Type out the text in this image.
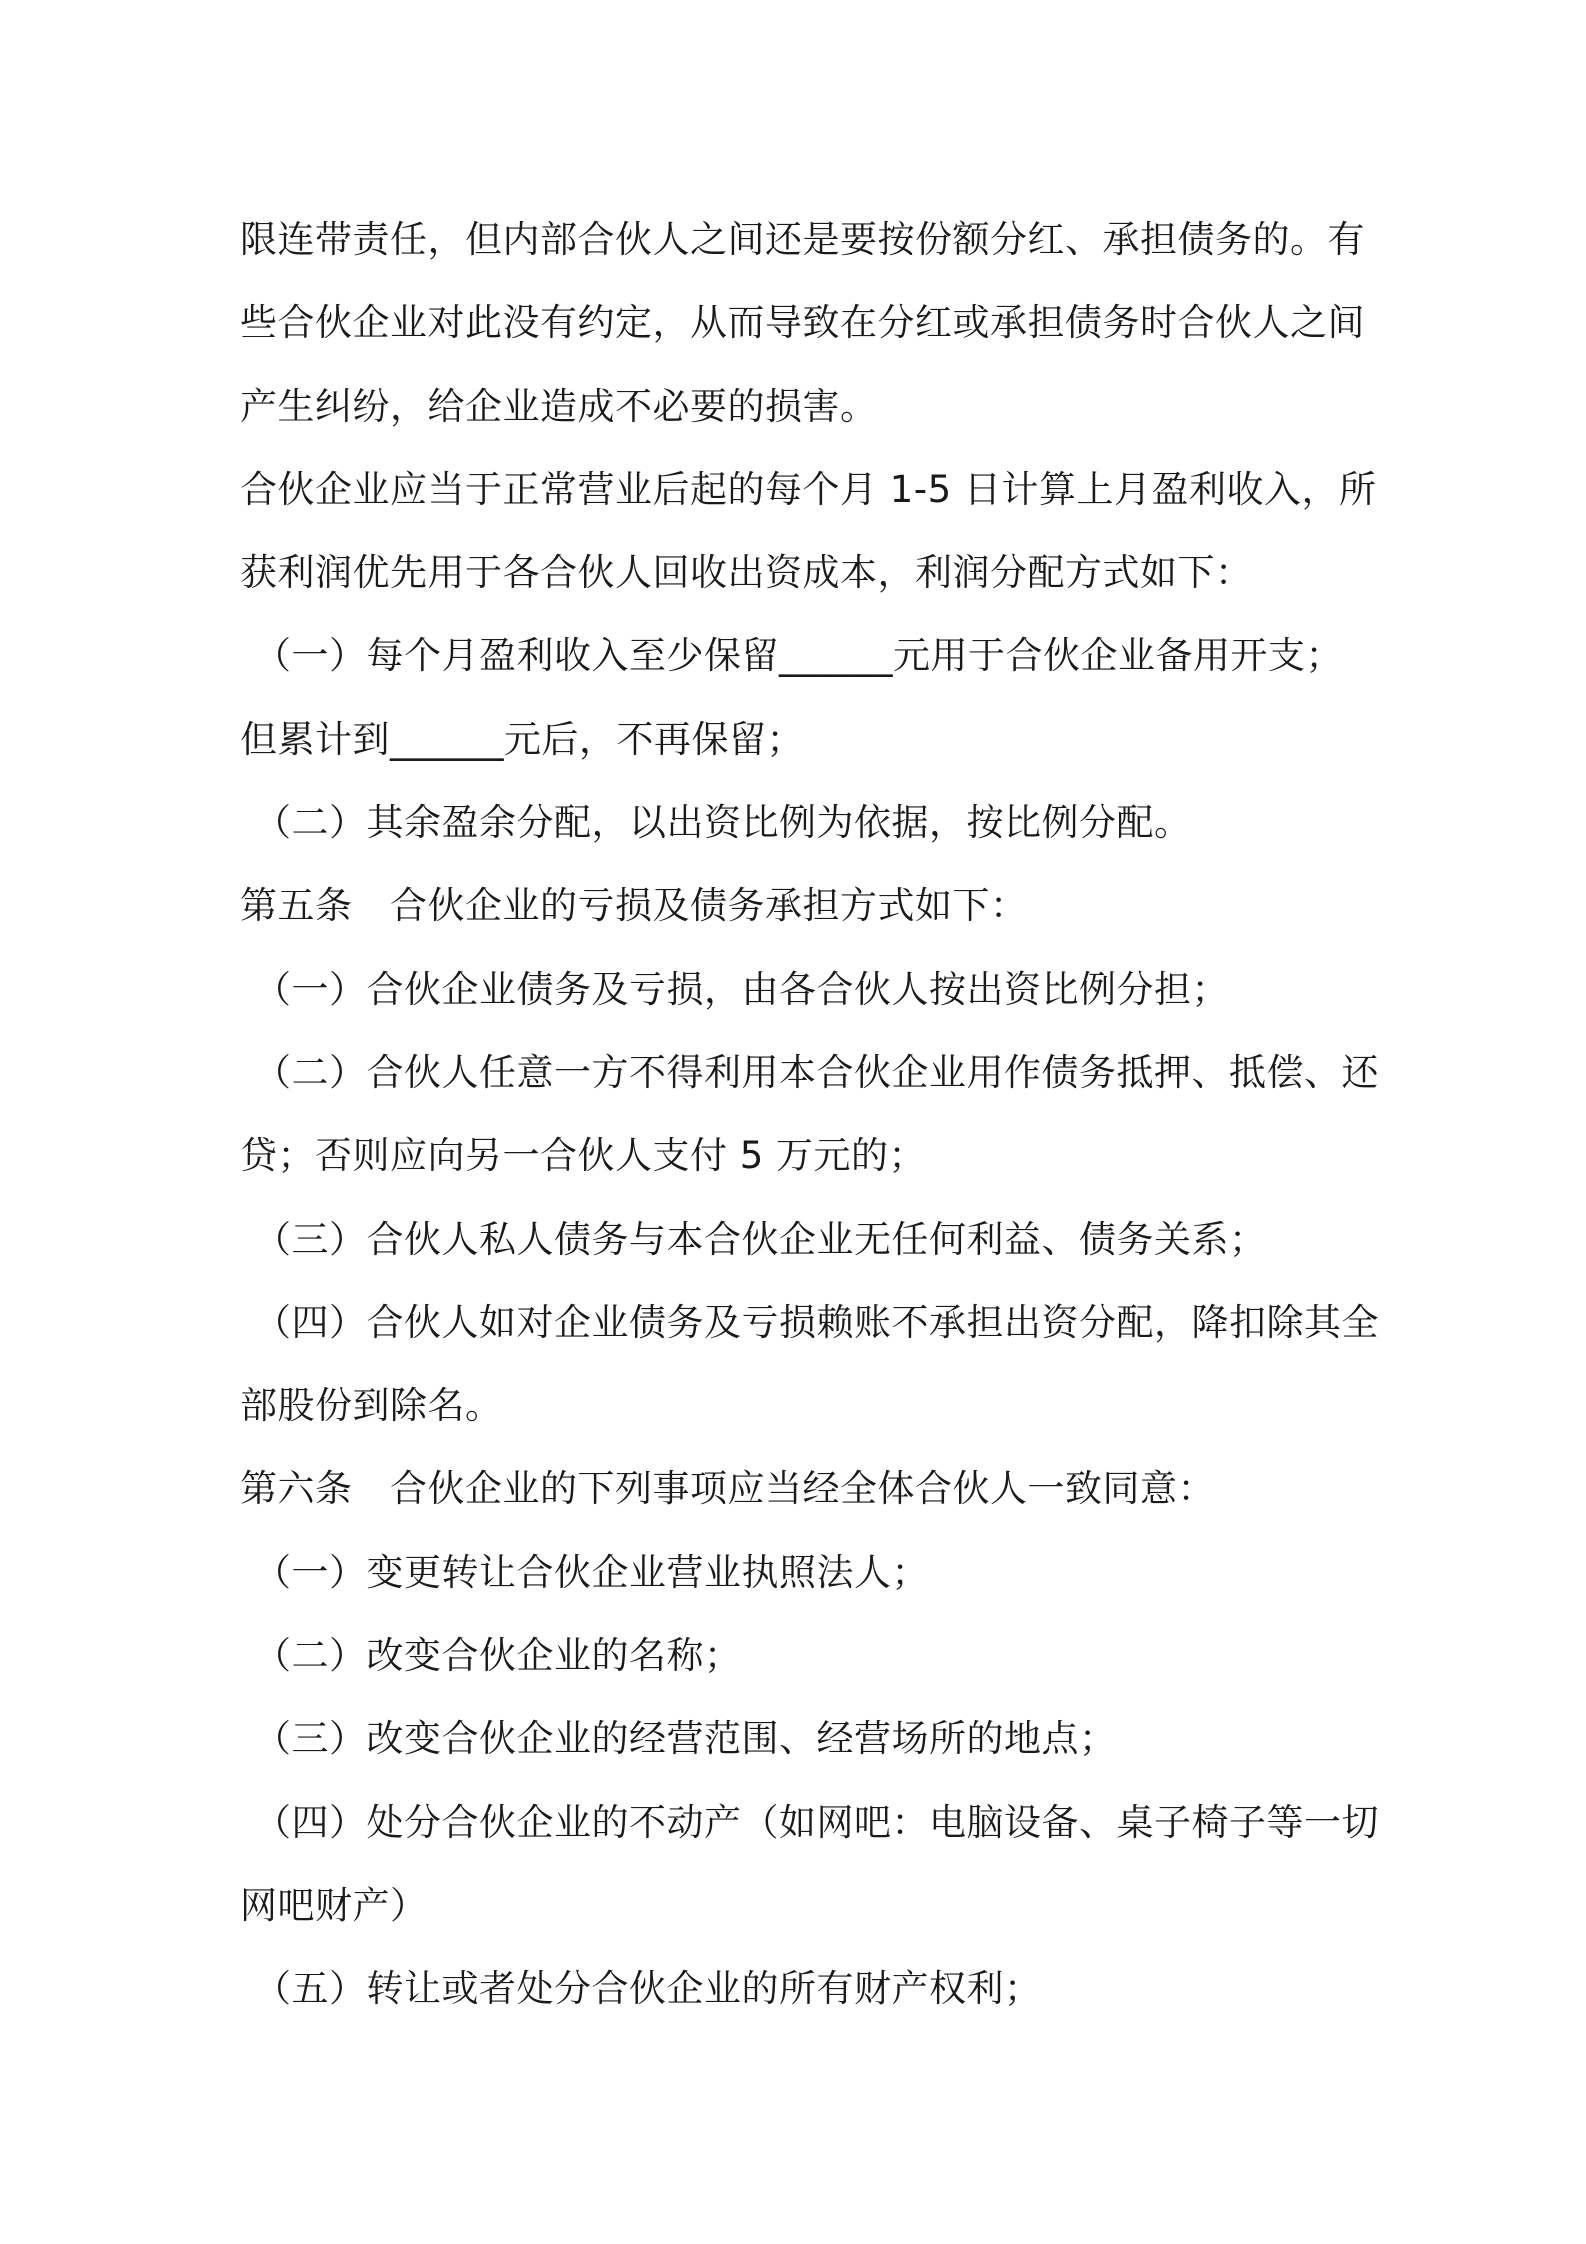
限连带责任，但内部合伙人之间还是要按份额分红、承担债务的。有
些合伙企业对此没有约定，从而导致在分红或承担债务时合伙人之间
产生纠纷，给企业造成不必要的损害。
合伙企业应当于正常营业后起的每个月 1-5 日计算上月盈利收入，所
获利润优先用于各合伙人回收出资成本，利润分配方式如下：
（一）每个月盈利收入至少保留______元用于合伙企业备用开支；
但累计到______元后，不再保留；
（二）其余盈余分配，以出资比例为依据，按比例分配。
第五条　合伙企业的亏损及债务承担方式如下：
（一）合伙企业债务及亏损，由各合伙人按出资比例分担；
（二）合伙人任意一方不得利用本合伙企业用作债务抵押、抵偿、还
贷；否则应向另一合伙人支付 5 万元的；
（三）合伙人私人债务与本合伙企业无任何利益、债务关系；
（四）合伙人如对企业债务及亏损赖账不承担出资分配，降扣除其全
部股份到除名。
第六条　合伙企业的下列事项应当经全体合伙人一致同意：
（一）变更转让合伙企业营业执照法人；
（二）改变合伙企业的名称；
（三）改变合伙企业的经营范围、经营场所的地点；
（四）处分合伙企业的不动产（如网吧：电脑设备、桌子椅子等一切
网吧财产）
（五）转让或者处分合伙企业的所有财产权利；
